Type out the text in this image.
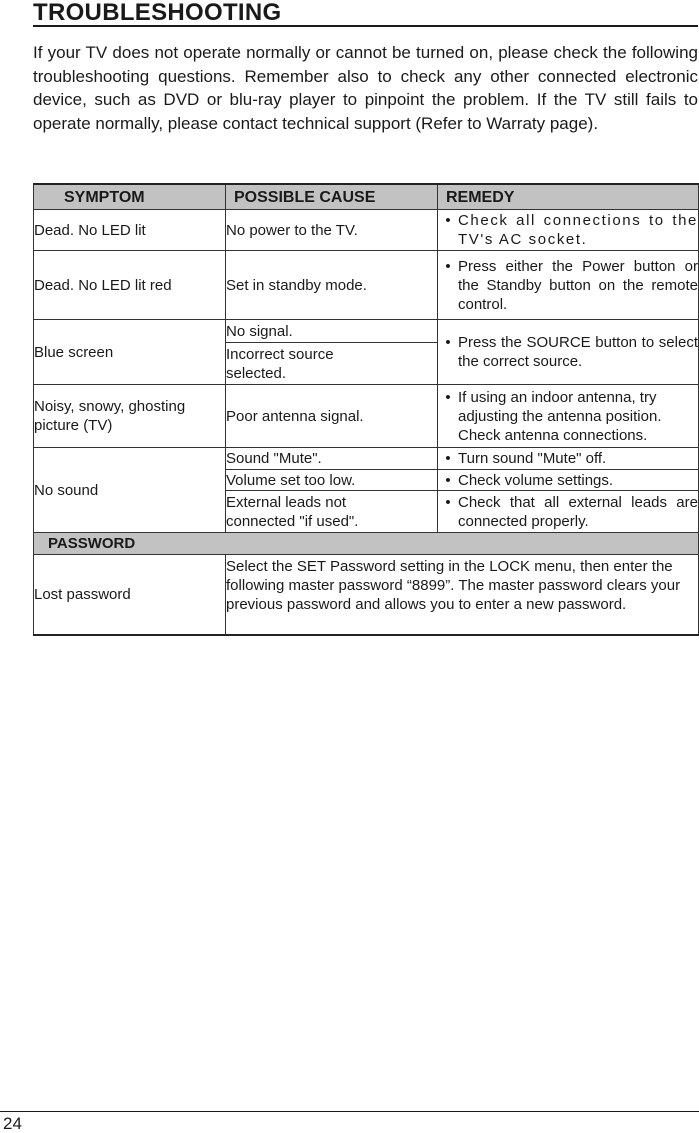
TROUBLESHOOTING

If your TV does not operate normally or cannot be turned on, please check the following troubleshooting questions. Remember also to check any other connected electronic device, such as DVD or blu-ray player to pinpoint the problem. If the TV still fails to operate normally, please contact technical support (Refer to Warraty page).

SYMPTOM	POSSIBLE CAUSE	REMEDY
Dead. No LED lit	No power to the TV.	• Check all connections to the TV's AC socket.

Dead. No LED lit red	Set in standby mode.	• Press either the Power button or the Standby button on the remote control.

Blue screen	No signal.	• Press the SOURCE button to select the correct source.

	Incorrect source selected.	
Noisy, snowy, ghosting picture (TV)	Poor antenna signal.	• If using an indoor antenna, try adjusting the antenna position. Check antenna connections.

No sound	Sound "Mute".	• Turn sound "Mute" off.

	Volume set too low.	• Check volume settings.

	External leads not connected "if used".	• Check that all external leads are connected properly.

PASSWORD		
Lost password	Select the SET Password setting in the LOCK menu, then enter the following master password “8899”. The master password clears your previous password and allows you to enter a new password.	
24
